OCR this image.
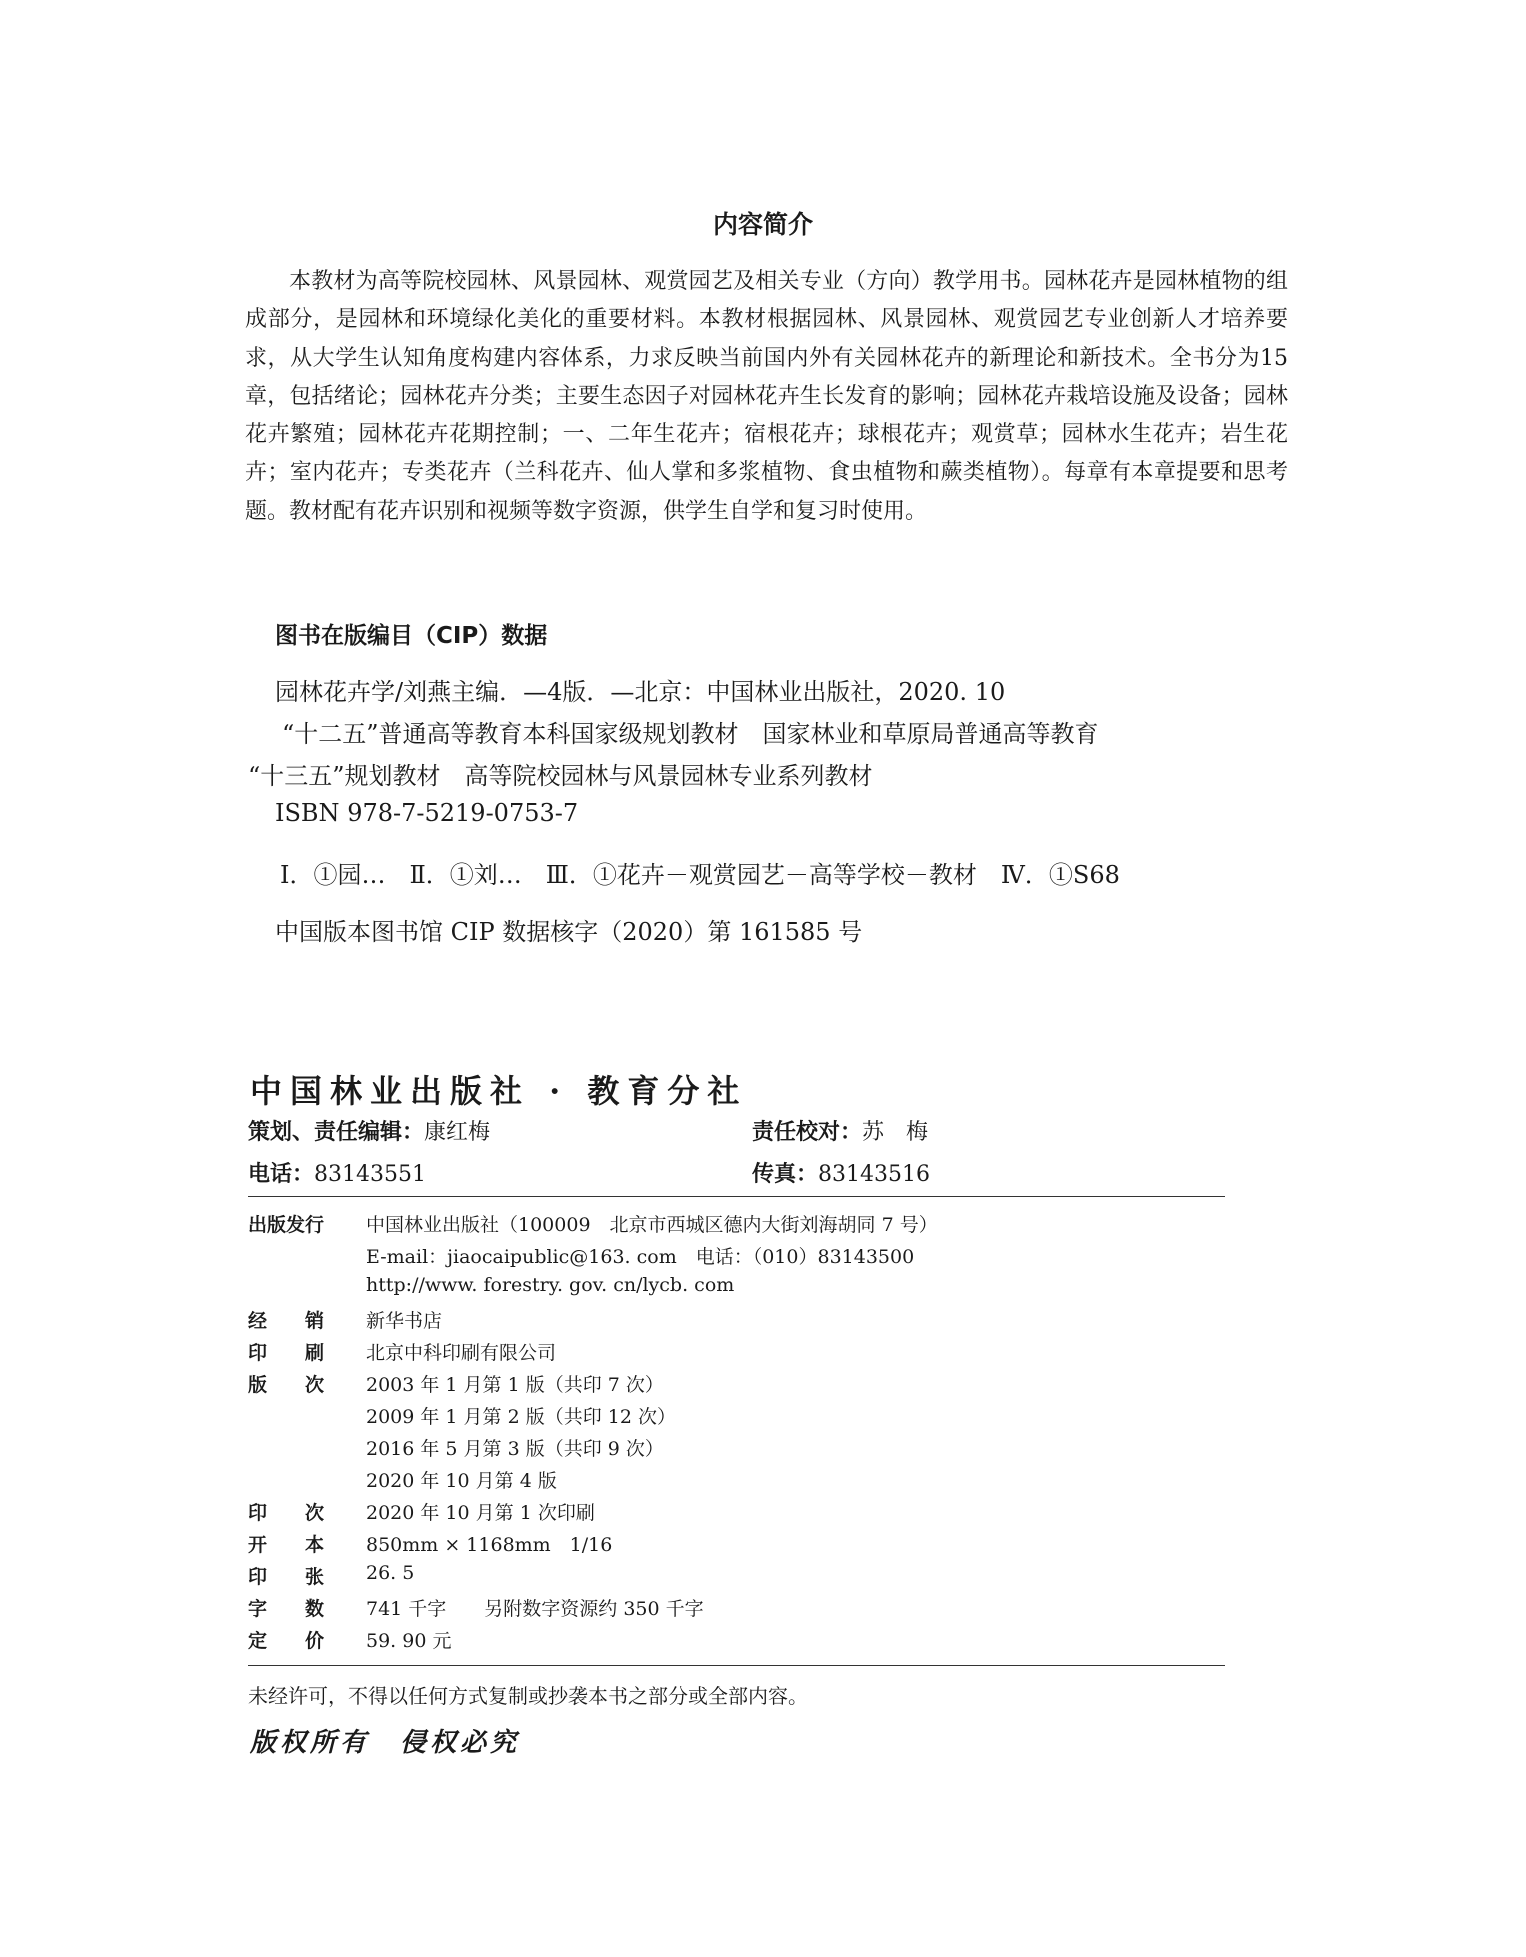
内容简介

本教材为高等院校园林、风景园林、观赏园艺及相关专业（方向）教学用书。园林花卉是园林植物的组成部分，是园林和环境绿化美化的重要材料。本教材根据园林、风景园林、观赏园艺专业创新人才培养要求，从大学生认知角度构建内容体系，力求反映当前国内外有关园林花卉的新理论和新技术。全书分为15章，包括绪论；园林花卉分类；主要生态因子对园林花卉生长发育的影响；园林花卉栽培设施及设备；园林花卉繁殖；园林花卉花期控制；一、二年生花卉；宿根花卉；球根花卉；观赏草；园林水生花卉；岩生花卉；室内花卉；专类花卉（兰科花卉、仙人掌和多浆植物、食虫植物和蕨类植物）。每章有本章提要和思考题。教材配有花卉识别和视频等数字资源，供学生自学和复习时使用。

图书在版编目（CIP）数据
园林花卉学/刘燕主编．—4版．—北京：中国林业出版社，2020. 10
“十二五”普通高等教育本科国家级规划教材　国家林业和草原局普通高等教育
“十三五”规划教材　高等院校园林与风景园林专业系列教材
ISBN 978-7-5219-0753-7
Ⅰ．①园…　Ⅱ．①刘…　Ⅲ．①花卉－观赏园艺－高等学校－教材　Ⅳ．①S68
中国版本图书馆 CIP 数据核字（2020）第 161585 号
中国林业出版社 · 教育分社
策划、责任编辑：康红梅	责任校对：苏　梅
电话：83143551	传真：83143516
出版发行 中国林业出版社（100009　北京市西城区德内大街刘海胡同 7 号）
E-mail：jiaocaipublic@163. com　电话：（010）83143500
http://www. forestry. gov. cn/lycb. com
经　　销 新华书店
印　　刷 北京中科印刷有限公司
版　　次 2003 年 1 月第 1 版（共印 7 次）
2009 年 1 月第 2 版（共印 12 次）
2016 年 5 月第 3 版（共印 9 次）
2020 年 10 月第 4 版
印　　次 2020 年 10 月第 1 次印刷
开　　本 850mm × 1168mm　1/16
印　　张 26. 5
字　　数 741 千字　　另附数字资源约 350 千字
定　　价 59. 90 元
未经许可，不得以任何方式复制或抄袭本书之部分或全部内容。
版权所有　侵权必究
